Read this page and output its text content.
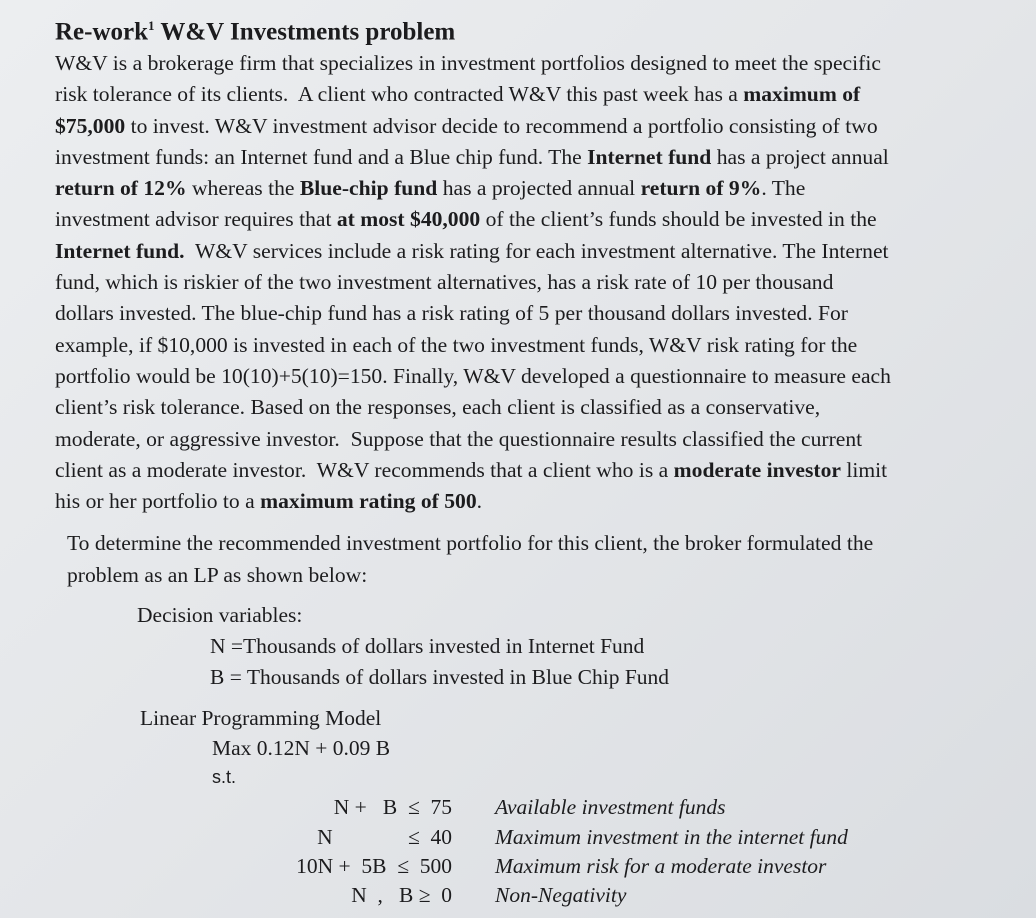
Re-work$^1$ W&V Investments problem
W&V is a brokerage firm that specializes in investment portfolios designed to meet the specific
risk tolerance of its clients.  A client who contracted W&V this past week has a maximum of
$75,000 to invest. W&V investment advisor decide to recommend a portfolio consisting of two
investment funds: an Internet fund and a Blue chip fund. The Internet fund has a project annual
return of 12% whereas the Blue-chip fund has a projected annual return of 9%. The
investment advisor requires that at most $40,000 of the client’s funds should be invested in the
Internet fund.  W&V services include a risk rating for each investment alternative. The Internet
fund, which is riskier of the two investment alternatives, has a risk rate of 10 per thousand
dollars invested. The blue-chip fund has a risk rating of 5 per thousand dollars invested. For
example, if $10,000 is invested in each of the two investment funds, W&V risk rating for the
portfolio would be 10(10)+5(10)=150. Finally, W&V developed a questionnaire to measure each
client’s risk tolerance. Based on the responses, each client is classified as a conservative,
moderate, or aggressive investor.  Suppose that the questionnaire results classified the current
client as a moderate investor.  W&V recommends that a client who is a moderate investor limit
his or her portfolio to a maximum rating of 500.
To determine the recommended investment portfolio for this client, the broker formulated the
problem as an LP as shown below:
Decision variables:
N =Thousands of dollars invested in Internet Fund
B = Thousands of dollars invested in Blue Chip Fund
Linear Programming Model
Max 0.12N + 0.09 B
s.t.
N +   B  ≤  75 Available investment funds
N              ≤  40 Maximum investment in the internet fund
10N +  5B  ≤  500 Maximum risk for a moderate investor
N  ,   B ≥  0 Non-Negativity
